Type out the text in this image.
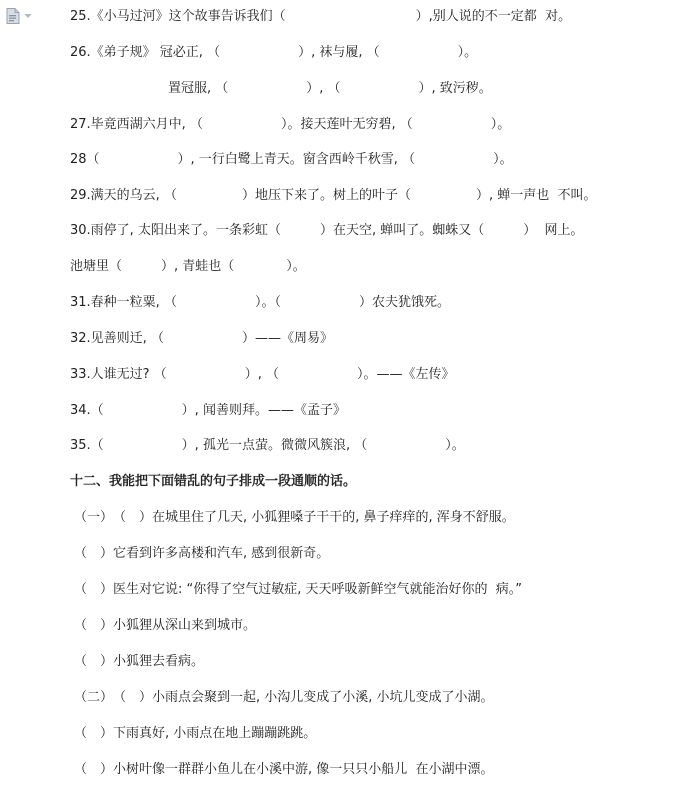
25.《小马过河》这个故事告诉我们（　　　　　　　　　　）,别人说的不一定都  对。
26.《弟子规》 冠必正, （　　　　　　）, 袜与履, （　　　　　　）。
置冠服, （　　　　　　）, （　　　　　　）, 致污秽。
27.毕竟西湖六月中, （　　　　　　）。接天莲叶无穷碧, （　　　　　　）。
28（　　　　　　）, 一行白鹭上青天。窗含西岭千秋雪, （　　　　　　）。
29.满天的乌云, （　　　　　）地压下来了。树上的叶子（　　　　　）, 蝉一声也  不叫。
30.雨停了, 太阳出来了。一条彩虹（　　　）在天空, 蝉叫了。蜘蛛又（　　　）  网上。
池塘里（　　　）, 青蛙也（　　　　）。
31.春种一粒粟, （　　　　　　）。（　　　　　　）农夫犹饿死。
32.见善则迁, （　　　　　　）——《周易》
33.人谁无过? （　　　　　　）, （　　　　　　）。——《左传》
34.（　　　　　　）, 闻善则拜。——《孟子》
35.（　　　　　　）, 孤光一点萤。微微风簇浪, （　　　　　　）。
十二、我能把下面错乱的句子排成一段通顺的话。
（一）　（　）在城里住了几天, 小狐狸嗓子干干的, 鼻子痒痒的, 浑身不舒服。
（　）它看到许多高楼和汽车, 感到很新奇。
（　）医生对它说: “你得了空气过敏症, 天天呼吸新鲜空气就能治好你的  病。”
（　）小狐狸从深山来到城市。
（　）小狐狸去看病。
（二）　（　）小雨点会聚到一起, 小沟儿变成了小溪, 小坑儿变成了小湖。
（　）下雨真好, 小雨点在地上蹦蹦跳跳。
（　）小树叶像一群群小鱼儿在小溪中游, 像一只只小船儿  在小湖中漂。
